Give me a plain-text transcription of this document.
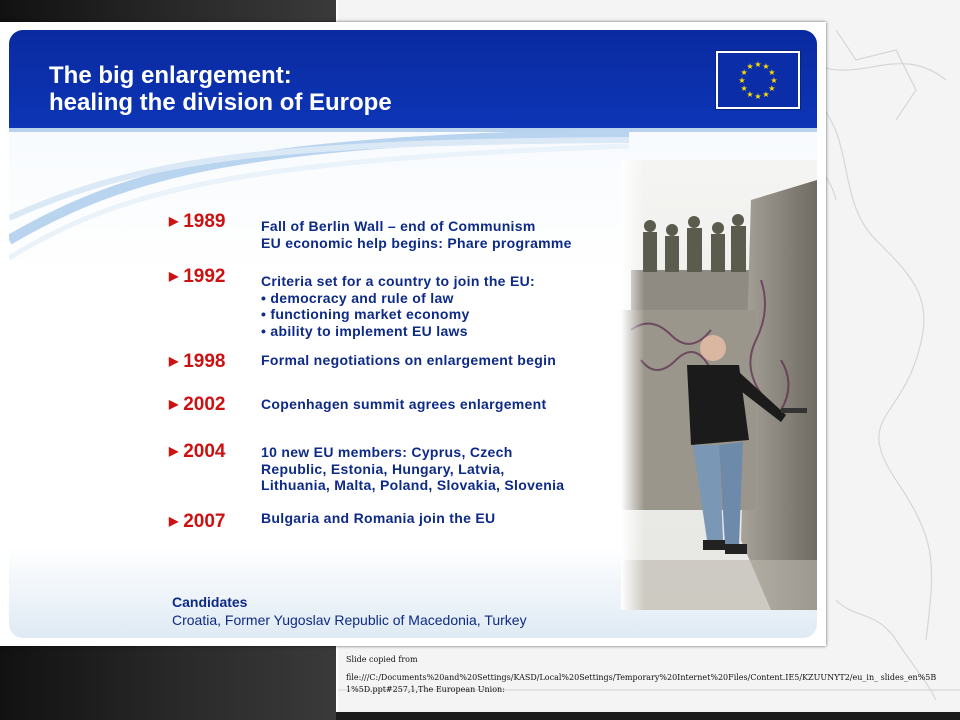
The big enlargement:
healing the division of Europe
★ ★
★
★
★
★
★
★
★
★
★
★
▶ 1989	Fall of Berlin Wall – end of Communism
EU economic help begins: Phare programme
▶ 1992	Criteria set for a country to join the EU:
• democracy and rule of law
• functioning market economy
• ability to implement EU laws
▶ 1998	Formal negotiations on enlargement begin
▶ 2002	Copenhagen summit agrees enlargement
▶ 2004	10 new EU members: Cyprus, Czech
Republic, Estonia, Hungary, Latvia,
Lithuania, Malta, Poland, Slovakia, Slovenia
▶ 2007	Bulgaria and Romania join the EU
Candidates
Croatia, Former Yugoslav Republic of Macedonia, Turkey
Slide copied from
file:///C:/Documents%20and%20Settings/KASD/Local%20Settings/Temporary%20Internet%20Files/Content.IE5/KZUUNYT2/eu_in_ slides_en%5B1%5D.ppt#257,1,The European Union:
